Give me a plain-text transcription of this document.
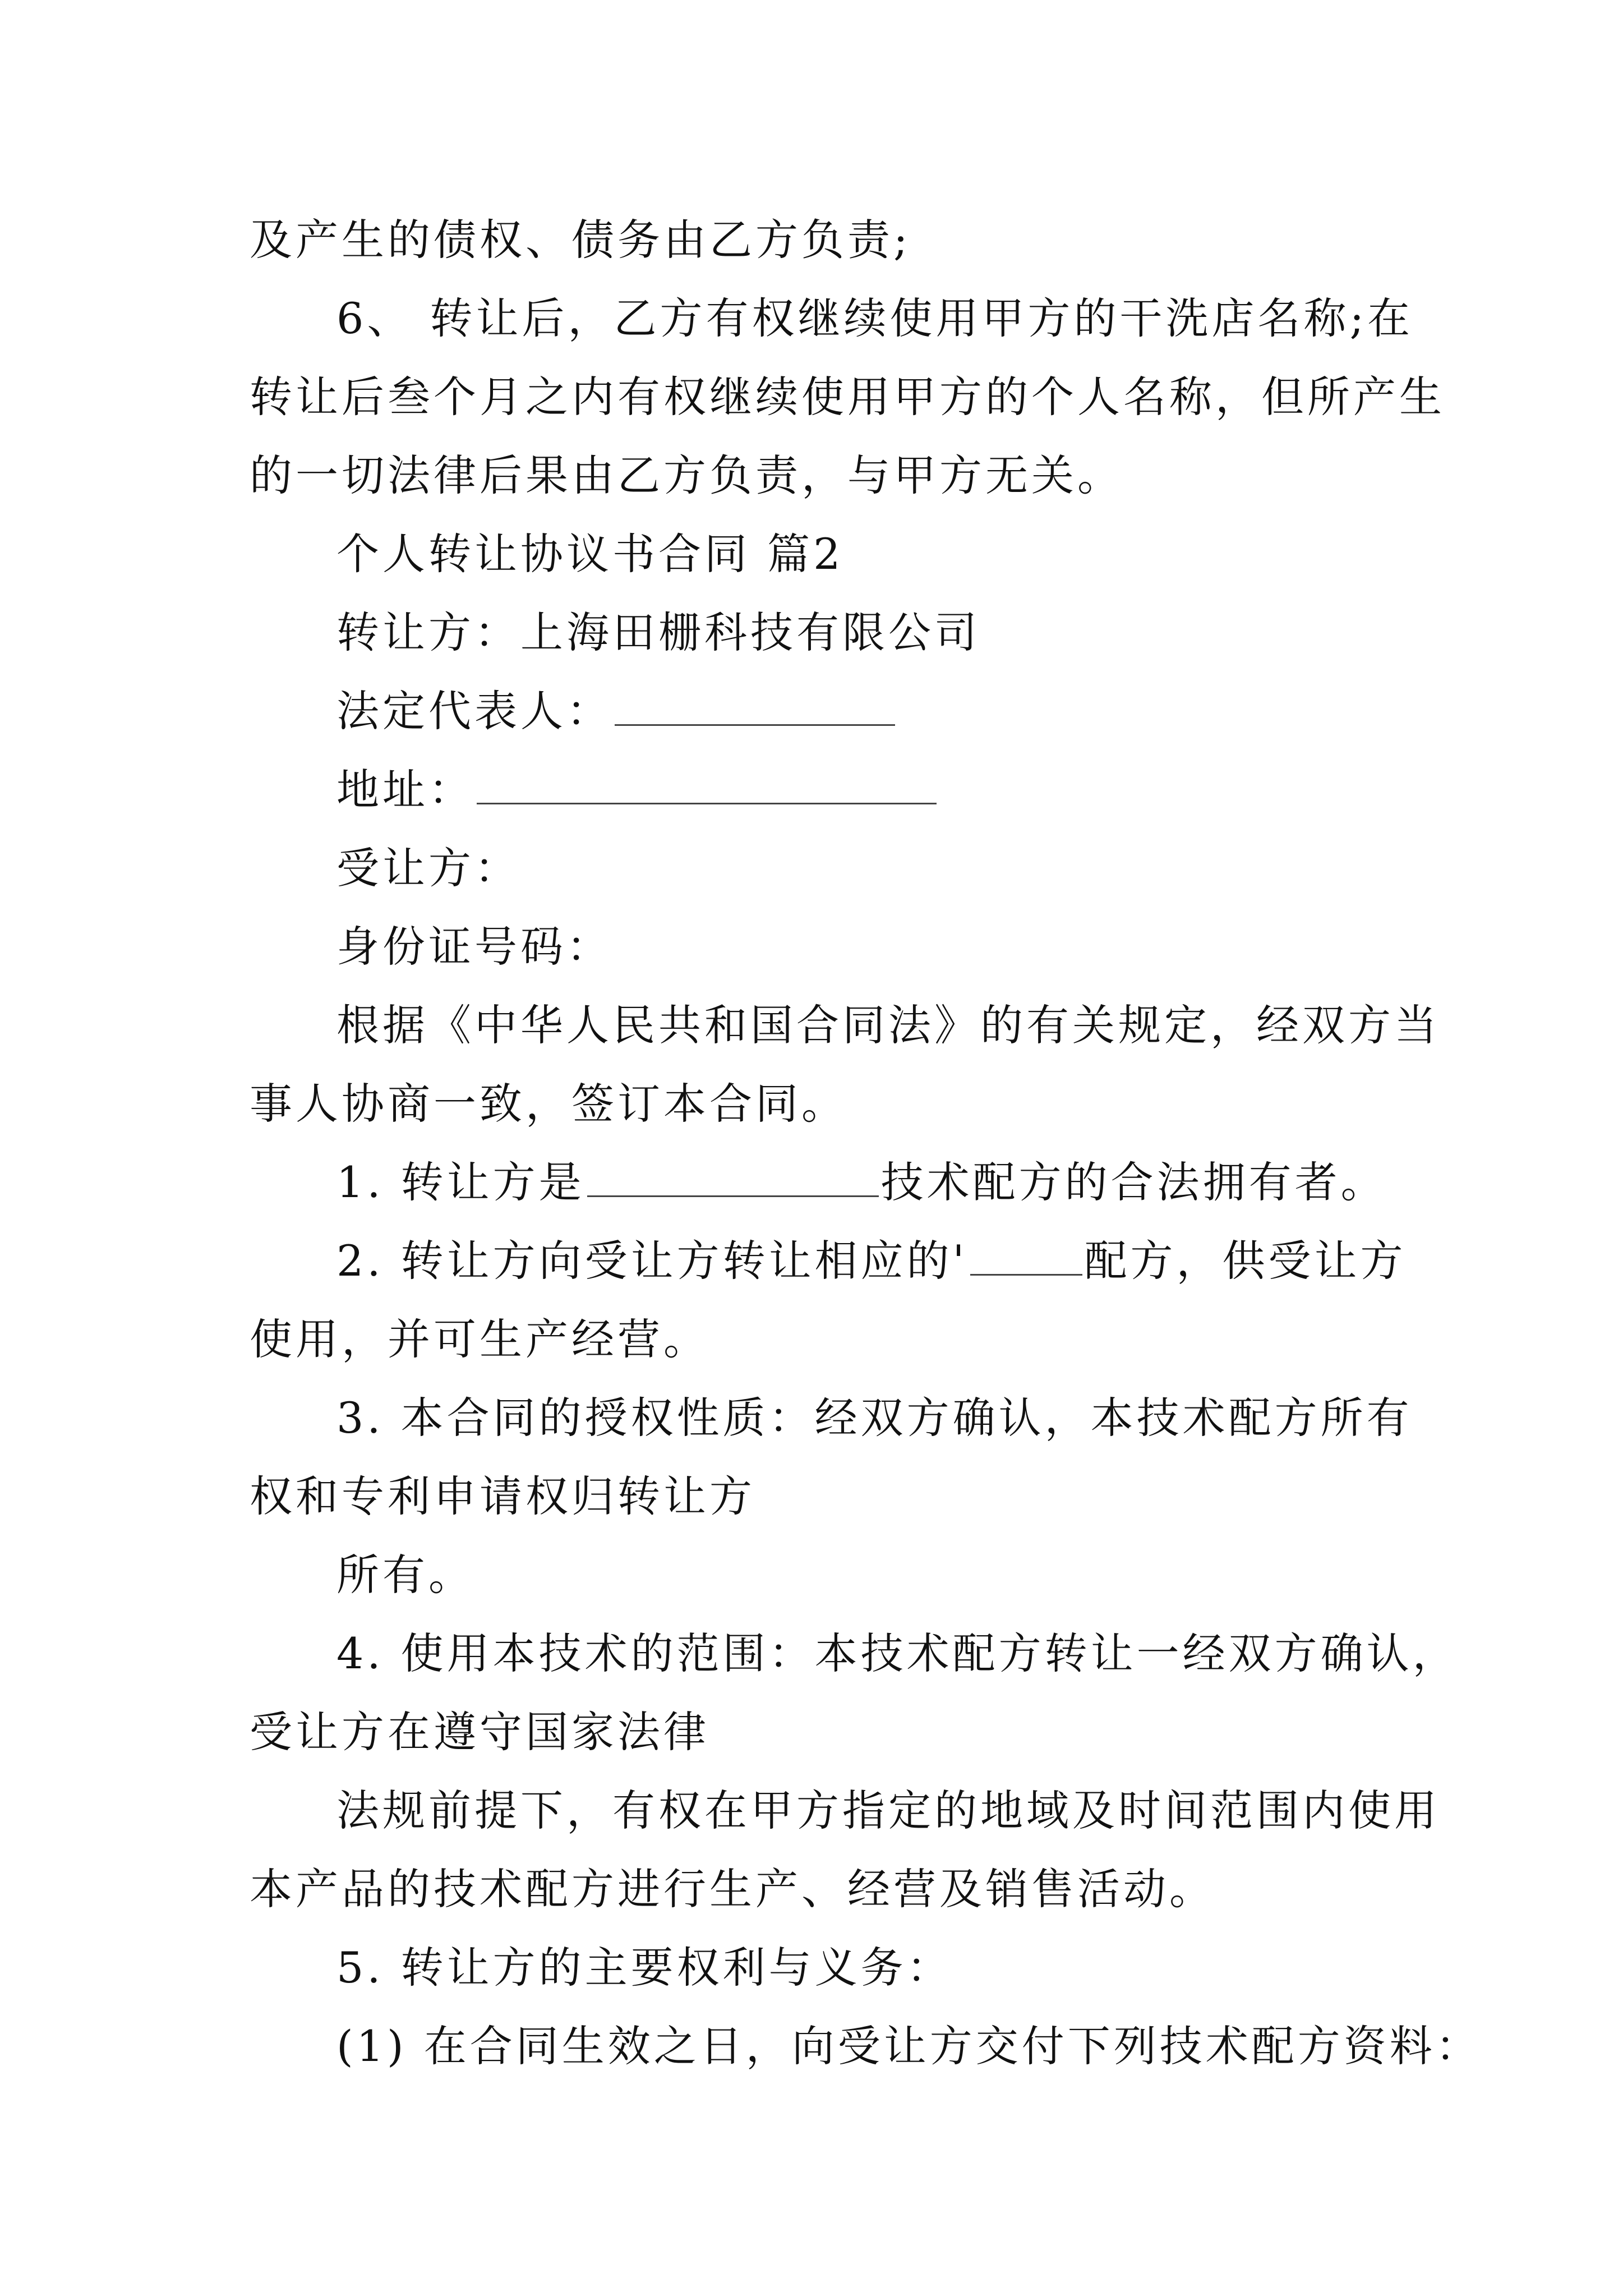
及产生的债权、债务由乙方负责;
6、 转让后，乙方有权继续使用甲方的干洗店名称;在
转让后叁个月之内有权继续使用甲方的个人名称，但所产生
的一切法律后果由乙方负责，与甲方无关。
个人转让协议书合同 篇2
转让方：上海田栅科技有限公司
法定代表人：
地址：
受让方：
身份证号码：
根据《中华人民共和国合同法》的有关规定，经双方当
事人协商一致，签订本合同。
1. 转让方是	技术配方的合法拥有者。
2. 转让方向受让方转让相应的'	配方，供受让方
使用，并可生产经营。
3. 本合同的授权性质：经双方确认，本技术配方所有
权和专利申请权归转让方
所有。
4. 使用本技术的范围：本技术配方转让一经双方确认，
受让方在遵守国家法律
法规前提下，有权在甲方指定的地域及时间范围内使用
本产品的技术配方进行生产、经营及销售活动。
5. 转让方的主要权利与义务：
(1) 在合同生效之日，向受让方交付下列技术配方资料：
